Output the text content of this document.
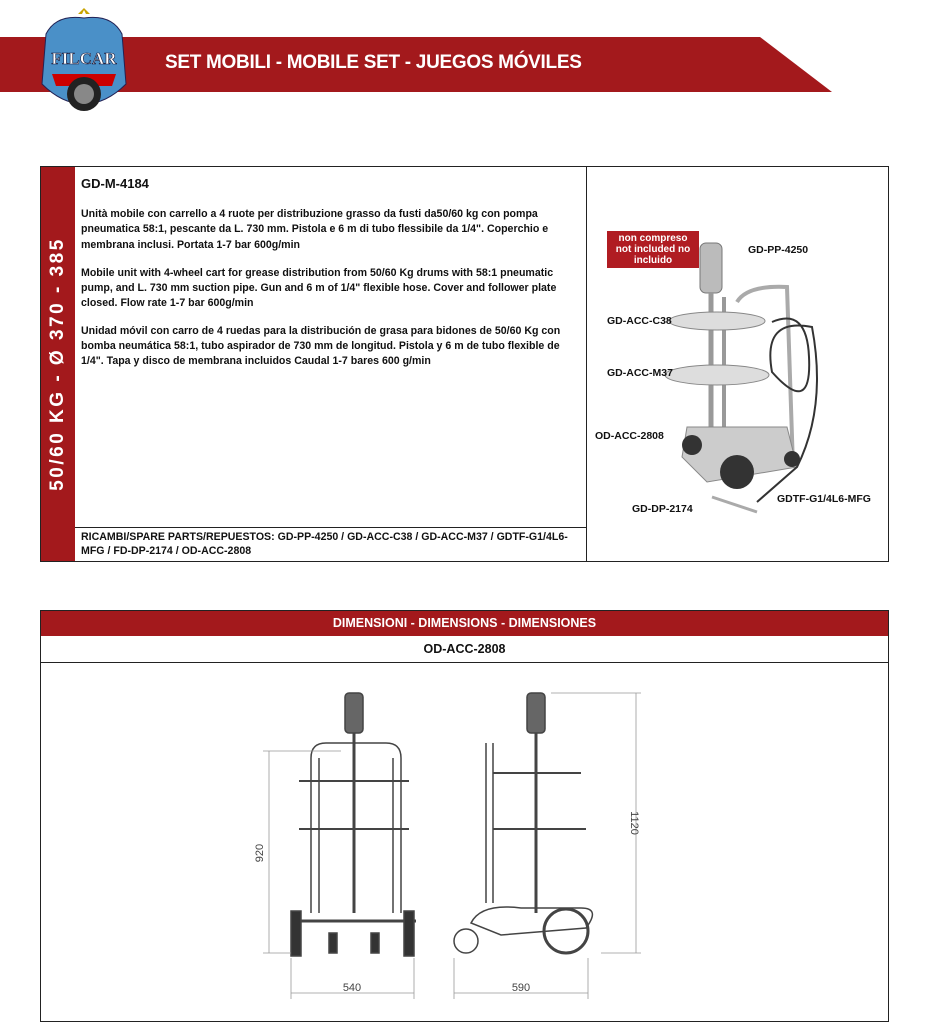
FILCAR	SET MOBILI - MOBILE SET - JUEGOS MÓVILES
50/60 KG - Ø 370 - 385
GD-M-4184

Unità mobile con carrello a 4 ruote per distribuzione grasso da fusti da50/60 kg con pompa pneumatica 58:1, pescante da L. 730 mm. Pistola e 6 m di tubo flessibile da 1/4". Coperchio e membrana inclusi. Portata 1-7 bar 600g/min

Mobile unit with 4-wheel cart for grease distribution from 50/60 Kg drums with 58:1 pneumatic pump, and L. 730 mm suction pipe. Gun and 6 m of 1/4" flexible hose. Cover and follower plate closed. Flow rate 1-7 bar 600g/min

Unidad móvil con carro de 4 ruedas para la distribución de grasa para bidones de 50/60 Kg con bomba neumática 58:1, tubo aspirador de 730 mm de longitud. Pistola y 6 m de tubo flexible de 1/4". Tapa y disco de membrana incluidos Caudal 1-7 bares 600 g/min

RICAMBI/SPARE PARTS/REPUESTOS: GD-PP-4250 / GD-ACC-C38 / GD-ACC-M37 / GDTF-G1/4L6-MFG / FD-DP-2174 / OD-ACC-2808
non compreso not included no incluido
GD-PP-4250
GD-ACC-C38
GD-ACC-M37
OD-ACC-2808
GD-DP-2174
GDTF-G1/4L6-MFG
DIMENSIONI - DIMENSIONS - DIMENSIONES
OD-ACC-2808
920
1120
540	590
